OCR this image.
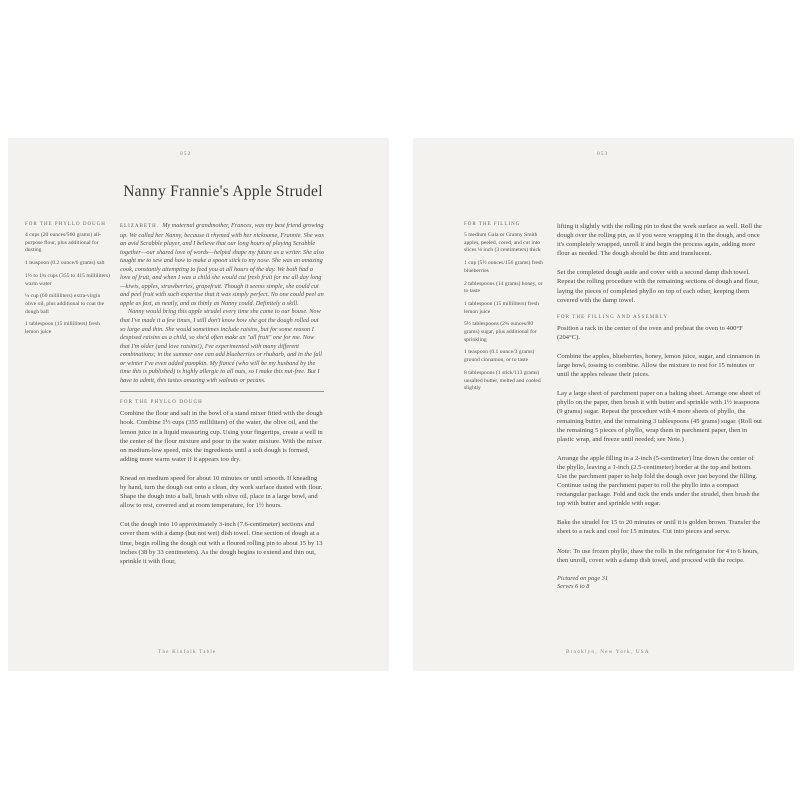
052
Nanny Frannie's Apple Strudel
FOR THE PHYLLO DOUGH

4 cups (20 ounces/560 grams) all-purpose flour, plus additional for dusting

1 teaspoon (0.2 ounce/6 grams) salt

1½ to 1¾ cups (355 to 415 milliliters) warm water

¼ cup (60 milliliters) extra-virgin olive oil, plus additional to coat the dough ball

1 tablespoon (15 milliliters) fresh lemon juice

ELIZABETH. My maternal grandmother, Frances, was my best friend growing up. We called her Nanny, because it rhymed with her nickname, Frannie. She was an avid Scrabble player, and I believe that our long hours of playing Scrabble together—our shared love of words—helped shape my future as a writer. She also taught me to sew and how to make a spoon stick to my nose. She was an amazing cook, constantly attempting to feed you at all hours of the day. We both had a love of fruit, and when I was a child she would cut fresh fruit for me all day long—kiwis, apples, strawberries, grapefruit. Though it seems simple, she could cut and peel fruit with such expertise that it was simply perfect. No one could peel an apple as fast, as neatly, and as thinly as Nanny could. Definitely a skill.

Nanny would bring this apple strudel every time she came to our house. Now that I've made it a few times, I still don't know how she got the dough rolled out so large and thin. She would sometimes include raisins, but for some reason I despised raisins as a child, so she'd often make an "all fruit" one for me. Now that I'm older (and love raisins!), I've experimented with many different combinations; in the summer one can add blueberries or rhubarb, and in the fall or winter I've even added pumpkin. My fiancé (who will be my husband by the time this is published) is highly allergic to all nuts, so I make this nut-free. But I have to admit, this tastes amazing with walnuts or pecans.

FOR THE PHYLLO DOUGH

Combine the flour and salt in the bowl of a stand mixer fitted with the dough hook. Combine 1½ cups (355 milliliters) of the water, the olive oil, and the lemon juice in a liquid measuring cup. Using your fingertips, create a well in the center of the flour mixture and pour in the water mixture. With the mixer on medium-low speed, mix the ingredients until a soft dough is formed, adding more warm water if it appears too dry.

Knead on medium speed for about 10 minutes or until smooth. If kneading by hand, turn the dough out onto a clean, dry work surface dusted with flour. Shape the dough into a ball, brush with olive oil, place in a large bowl, and allow to rest, covered and at room temperature, for 1½ hours.

Cut the dough into 10 approximately 3-inch (7.6-centimeter) sections and cover them with a damp (but not wet) dish towel. One section of dough at a time, begin rolling the dough out with a floured rolling pin to about 15 by 13 inches (38 by 33 centimeters). As the dough begins to extend and thin out, sprinkle it with flour,

The Kinfolk Table
053
FOR THE FILLING

5 medium Gala or Granny Smith apples, peeled, cored, and cut into slices ⅛ inch (3 centimeters) thick

1 cup (5½ ounces/156 grams) fresh blueberries

2 tablespoons (14 grams) honey, or to taste

1 tablespoon (15 milliliters) fresh lemon juice

5½ tablespoons (2¾ ounces/80 grams) sugar, plus additional for sprinkling

1 teaspoon (0.1 ounce/3 grams) ground cinnamon, or to taste

8 tablespoons (1 stick/113 grams) unsalted butter, melted and cooled slightly

lifting it slightly with the rolling pin to dust the work surface as well. Roll the dough over the rolling pin, as if you were wrapping it in the dough, and once it's completely wrapped, unroll it and begin the process again, adding more flour as needed. The dough should be thin and translucent.

Set the completed dough aside and cover with a second damp dish towel. Repeat the rolling procedure with the remaining sections of dough and flour, laying the pieces of completed phyllo on top of each other, keeping them covered with the damp towel.

FOR THE FILLING AND ASSEMBLY

Position a rack in the center of the oven and preheat the oven to 400°F (204°C).

Combine the apples, blueberries, honey, lemon juice, sugar, and cinnamon in large bowl, tossing to combine. Allow the mixture to rest for 15 minutes or until the apples release their juices.

Lay a large sheet of parchment paper on a baking sheet. Arrange one sheet of phyllo on the paper, then brush it with butter and sprinkle with 1½ teaspoons (9 grams) sugar. Repeat the procedure with 4 more sheets of phyllo, the remaining butter, and the remaining 3 tablespoons (45 grams) sugar. (Roll out the remaining 5 pieces of phyllo, wrap them in parchment paper, then in plastic wrap, and freeze until needed; see Note.)

Arrange the apple filling in a 2-inch (5-centimeter) line down the center of the phyllo, leaving a 1-inch (2.5-centimeter) border at the top and bottom. Use the parchment paper to help fold the dough over just beyond the filling. Continue using the parchment paper to roll the phyllo into a compact rectangular package. Fold and tuck the ends under the strudel, then brush the top with butter and sprinkle with sugar.

Bake the strudel for 15 to 20 minutes or until it is golden brown. Transfer the sheet to a rack and cool for 15 minutes. Cut into pieces and serve.

Note: To use frozen phyllo, thaw the rolls in the refrigerator for 4 to 6 hours, then unroll, cover with a damp dish towel, and proceed with the recipe.

Pictured on page 31

Serves 6 to 8

Brooklyn, New York, USA
